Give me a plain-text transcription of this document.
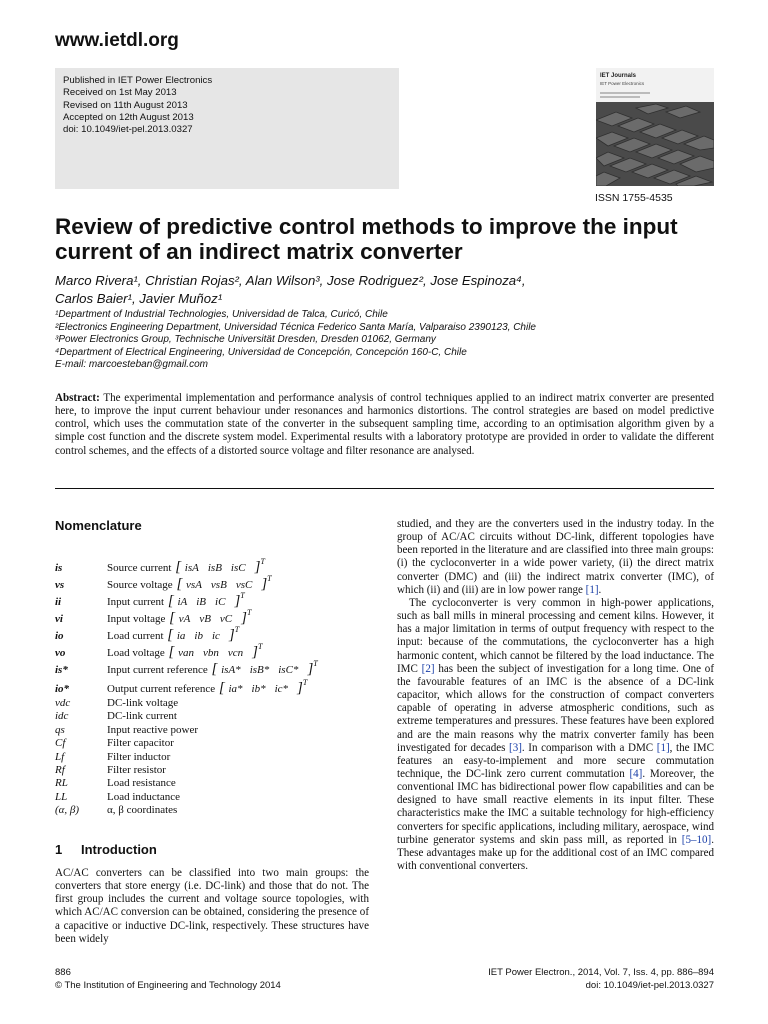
www.ietdl.org
Published in IET Power Electronics
Received on 1st May 2013
Revised on 11th August 2013
Accepted on 12th August 2013
doi: 10.1049/iet-pel.2013.0327
IET Journals
IET Power Electronics
ISSN 1755-4535
Review of predictive control methods to improve the input current of an indirect matrix converter
Marco Rivera¹, Christian Rojas², Alan Wilson³, Jose Rodriguez², Jose Espinoza⁴,
Carlos Baier¹, Javier Muñoz¹
¹Department of Industrial Technologies, Universidad de Talca, Curicó, Chile
²Electronics Engineering Department, Universidad Técnica Federico Santa María, Valparaiso 2390123, Chile
³Power Electronics Group, Technische Universität Dresden, Dresden 01062, Germany
⁴Department of Electrical Engineering, Universidad de Concepción, Concepción 160-C, Chile
E-mail: marcoesteban@gmail.com

Abstract: The experimental implementation and performance analysis of control techniques applied to an indirect matrix converter are presented here, to improve the input current behaviour under resonances and harmonics distortions. The control strategies are based on model predictive control, which uses the commutation state of the converter in the subsequent sampling time, according to an optimisation algorithm given by a simple cost function and the discrete system model. Experimental results with a laboratory prototype are provided in order to validate the different control schemes, and the effects of a distorted source voltage and filter resonance are analysed.

Nomenclature
is	Source current [ isA isB isC ]$^T$
vs	Source voltage [ vsA vsB vsC ]$^T$
ii	Input current [ iA iB iC ]$^T$
vi	Input voltage [ vA vB vC ]$^T$
io	Load current [ ia ib ic ]$^T$
vo	Load voltage [ van vbn vcn ]$^T$
is*	Input current reference [ isA* isB* isC* ]$^T$
io*	Output current reference [ ia* ib* ic* ]$^T$
vdc	DC-link voltage
idc	DC-link current
qs	Input reactive power
Cf	Filter capacitor
Lf	Filter inductor
Rf	Filter resistor
RL	Load resistance
LL	Load inductance
(α, β)	α, β coordinates
1 Introduction

AC/AC converters can be classified into two main groups: the converters that store energy (i.e. DC-link) and those that do not. The first group includes the current and voltage source topologies, with which AC/AC conversion can be obtained, considering the presence of a capacitive or inductive DC-link, respectively. These structures have been widely

studied, and they are the converters used in the industry today. In the group of AC/AC circuits without DC-link, different topologies have been reported in the literature and are classified into three main groups: (i) the cycloconverter in a wide power variety, (ii) the direct matrix converter (DMC) and (iii) the indirect matrix converter (IMC), of which (ii) and (iii) are in low power range [1].

The cycloconverter is very common in high-power applications, such as ball mills in mineral processing and cement kilns. However, it has a major limitation in terms of output frequency with respect to the input: because of the commutations, the cycloconverter has a high harmonic content, which cannot be filtered by the load inductance. The IMC [2] has been the subject of investigation for a long time. One of the favourable features of an IMC is the absence of a DC-link capacitor, which allows for the construction of compact converters capable of operating in adverse atmospheric conditions, such as extreme temperatures and pressures. These features have been explored and are the main reasons why the matrix converter family has been investigated for decades [3]. In comparison with a DMC [1], the IMC features an easy-to-implement and more secure commutation technique, the DC-link zero current commutation [4]. Moreover, the conventional IMC has bidirectional power flow capabilities and can be designed to have small reactive elements in its input filter. These characteristics make the IMC a suitable technology for high-efficiency converters for specific applications, including military, aerospace, wind turbine generator systems and skin pass mill, as reported in [5–10]. These advantages make up for the additional cost of an IMC compared with conventional converters.

886
© The Institution of Engineering and Technology 2014
IET Power Electron., 2014, Vol. 7, Iss. 4, pp. 886–894
doi: 10.1049/iet-pel.2013.0327
